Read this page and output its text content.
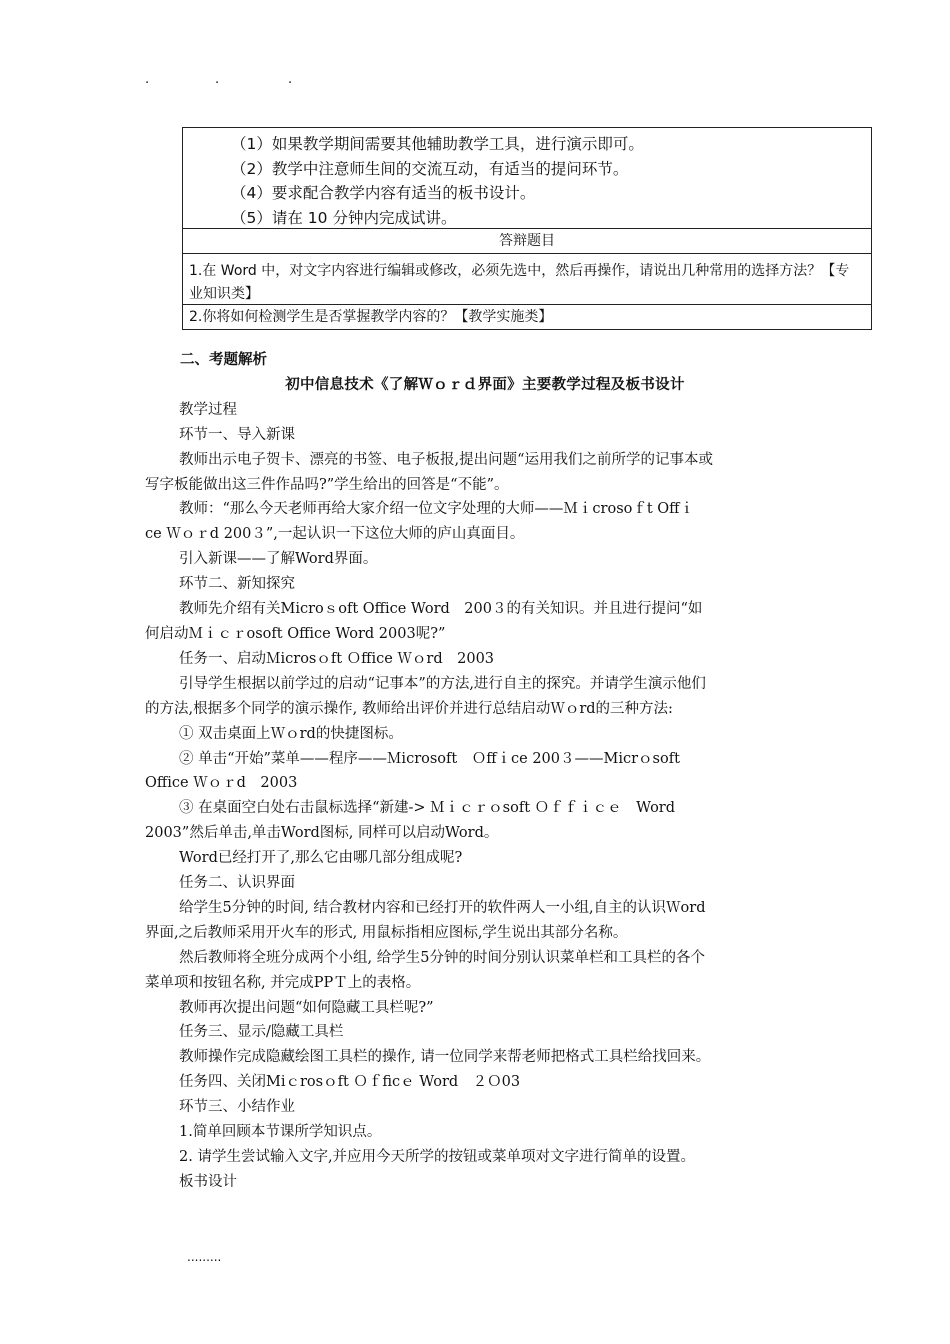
.	.	.
（1）如果教学期间需要其他辅助教学工具，进行演示即可。
（2）教学中注意师生间的交流互动，有适当的提问环节。
（4）要求配合教学内容有适当的板书设计。
（5）请在 10 分钟内完成试讲。
答辩题目
1.在 Word 中，对文字内容进行编辑或修改，必须先选中，然后再操作，请说出几种常用的选择方法？【专
业知识类】
2.你将如何检测学生是否掌握教学内容的？【教学实施类】

二、考题解析

初中信息技术《了解Ｗｏｒｄ界面》主要教学过程及板书设计

教学过程

环节一、导入新课

教师出示电子贺卡、漂亮的书签、电子板报,提出问题“运用我们之前所学的记事本或

写字板能做出这三件作品吗?”学生给出的回答是“不能”。

教师：“那么今天老师再给大家介绍一位文字处理的大师——Ｍｉcrosoｆt Offｉ

ce Ｗｏｒd 200３”,一起认识一下这位大师的庐山真面目。

引入新课——了解Word界面。

环节二、新知探究

教师先介绍有关Microｓoft Office Word　200３的有关知识。并且进行提问“如

何启动Ｍｉｃｒosoft Office Word 2003呢?”

任务一、启动Ｍicrosｏft Ｏffice Ｗｏrd　2003

引导学生根据以前学过的启动“记事本”的方法,进行自主的探究。并请学生演示他们

的方法,根据多个同学的演示操作, 教师给出评价并进行总结启动Ｗｏrd的三种方法:

① 双击桌面上Ｗｏrd的快捷图标。

② 单击“开始”菜单——程序——Ｍicrosoft　Ｏffｉce 200３——Micrｏsoft

Office Ｗｏｒd　2003

③ 在桌面空白处右击鼠标选择“新建-> Ｍｉｃｒｏsoft Ｏｆｆｉｃｅ　Word

2003”然后单击,单击Word图标, 同样可以启动Word。

Word已经打开了,那么它由哪几部分组成呢?

任务二、认识界面

给学生5分钟的时间, 结合教材内容和已经打开的软件两人一小组,自主的认识Ｗord

界面,之后教师采用开火车的形式, 用鼠标指相应图标,学生说出其部分名称。

然后教师将全班分成两个小组, 给学生5分钟的时间分别认识菜单栏和工具栏的各个

菜单项和按钮名称, 并完成PPＴ上的表格。

教师再次提出问题“如何隐藏工具栏呢?”

任务三、显示/隐藏工具栏

教师操作完成隐藏绘图工具栏的操作, 请一位同学来帮老师把格式工具栏给找回来。

任务四、关闭Miｃrosｏft Ｏｆficｅ Word　２Ｏ03

环节三、小结作业

1.简单回顾本节课所学知识点。

2. 请学生尝试输入文字,并应用今天所学的按钮或菜单项对文字进行简单的设置。

板书设计

.........
